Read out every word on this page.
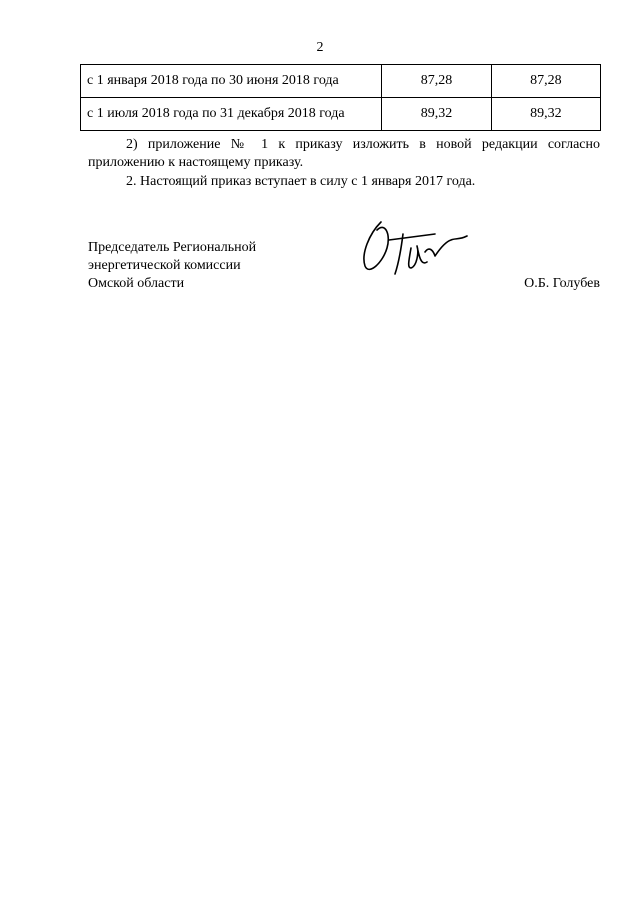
2
с 1 января 2018 года по 30 июня 2018 года	87,28	87,28
с 1 июля 2018 года по 31 декабря 2018 года	89,32	89,32

2) приложение № 1 к приказу изложить в новой редакции согласно приложению к настоящему приказу.

2. Настоящий приказ вступает в силу с 1 января 2017 года.

Председатель Региональной
энергетической комиссии
Омской области	О.Б. Голубев
